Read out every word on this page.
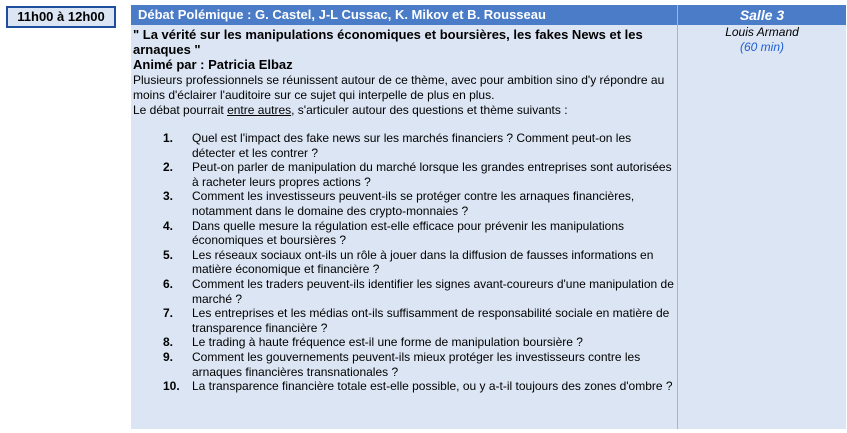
11h00 à 12h00	Débat Polémique : G. Castel, J-L Cussac, K. Mikov et B. Rousseau

" La vérité sur les manipulations économiques et boursières, les fakes News et les arnaques "

Animé par : Patricia Elbaz

Plusieurs professionnels se réunissent autour de ce thème, avec pour ambition sino d'y répondre au moins d'éclairer l'auditoire sur ce sujet qui interpelle de plus en plus.

Le débat pourrait entre autres, s'articuler autour des questions et thème suivants :

1.	Quel est l'impact des fake news sur les marchés financiers ? Comment peut-on les détecter et les contrer ?
2.	Peut-on parler de manipulation du marché lorsque les grandes entreprises sont autorisées à racheter leurs propres actions ?
3.	Comment les investisseurs peuvent-ils se protéger contre les arnaques financières, notamment dans le domaine des crypto-monnaies ?
4.	Dans quelle mesure la régulation est-elle efficace pour prévenir les manipulations économiques et boursières ?
5.	Les réseaux sociaux ont-ils un rôle à jouer dans la diffusion de fausses informations en matière économique et financière ?
6.	Comment les traders peuvent-ils identifier les signes avant-coureurs d'une manipulation de marché ?
7.	Les entreprises et les médias ont-ils suffisamment de responsabilité sociale en matière de transparence financière ?
8.	Le trading à haute fréquence est-il une forme de manipulation boursière ?
9.	Comment les gouvernements peuvent-ils mieux protéger les investisseurs contre les arnaques financières transnationales ?
10.	La transparence financière totale est-elle possible, ou y a-t-il toujours des zones d'ombre ?
Salle 3
Louis Armand
(60 min)
